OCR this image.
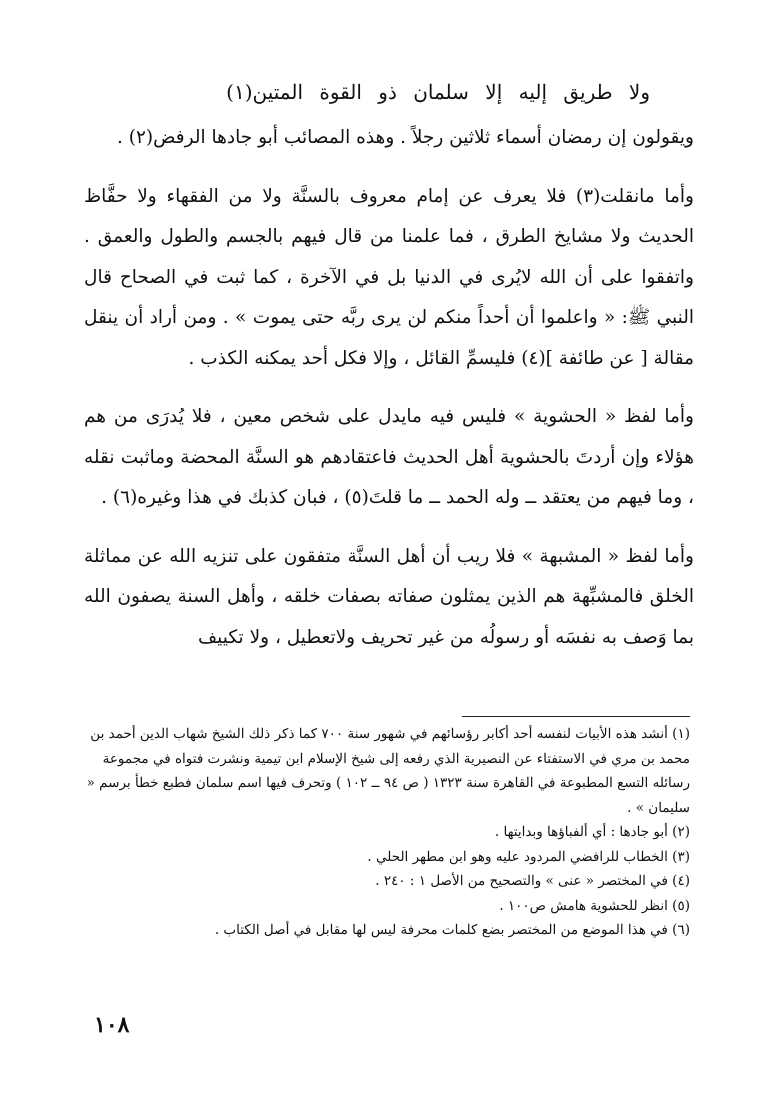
ولا طريق إليه إلا سلمان ذو القوة المتين(١)

ويقولون إن رمضان أسماء ثلاثين رجلاً . وهذه المصائب أبو جادها الرفض(٢) .

وأما مانقلت(٣) فلا يعرف عن إمام معروف بالسنَّة ولا من الفقهاء ولا حفَّاظ الحديث ولا مشايخ الطرق ، فما علمنا من قال فيهم بالجسم والطول والعمق . واتفقوا على أن الله لايُرى في الدنيا بل في الآخرة ، كما ثبت في الصحاح قال النبي ﷺ: « واعلموا أن أحداً منكم لن يرى ربَّه حتى يموت » . ومن أراد أن ينقل مقالة [ عن طائفة ](٤) فليسمِّ القائل ، وإلا فكل أحد يمكنه الكذب .

وأما لفظ « الحشوية » فليس فيه مايدل على شخص معين ، فلا يُدرَى من هم هؤلاء وإن أردتَ بالحشوية أهل الحديث فاعتقادهم هو السنَّة المحضة وماثبت نقله ، وما فيهم من يعتقد ــ وله الحمد ــ ما قلتَ(٥) ، فبان كذبك في هذا وغيره(٦) .

وأما لفظ « المشبهة » فلا ريب أن أهل السنَّة متفقون على تنزيه الله عن مماثلة الخلق فالمشبِّهة هم الذين يمثلون صفاته بصفات خلقه ، وأهل السنة يصفون الله بما وَصف به نفسَه أو رسولُه من غير تحريف ولاتعطيل ، ولا تكييف

(١) أنشد هذه الأبيات لنفسه أحد أكابر رؤسائهم في شهور سنة ٧٠٠ كما ذكر ذلك الشيخ شهاب الدين أحمد بن محمد بن مري في الاستفتاء عن النصيرية الذي رفعه إلى شيخ الإسلام ابن تيمية ونشرت فتواه في مجموعة رسائله التسع المطبوعة في القاهرة سنة ١٣٢٣ ( ص ٩٤ ــ ١٠٢ ) وتحرف فيها اسم سلمان فطبع خطأ برسم « سليمان » .

(٢) أبو جادها : أي ألفباؤها وبدايتها .

(٣) الخطاب للرافضي المردود عليه وهو ابن مطهر الحلي .

(٤) في المختصر « عنى » والتصحيح من الأصل ١ : ٢٤٠ .

(٥) انظر للحشوية هامش ص١٠٠ .

(٦) في هذا الموضع من المختصر بضع كلمات محرفة ليس لها مقابل في أصل الكتاب .

١٠٨
